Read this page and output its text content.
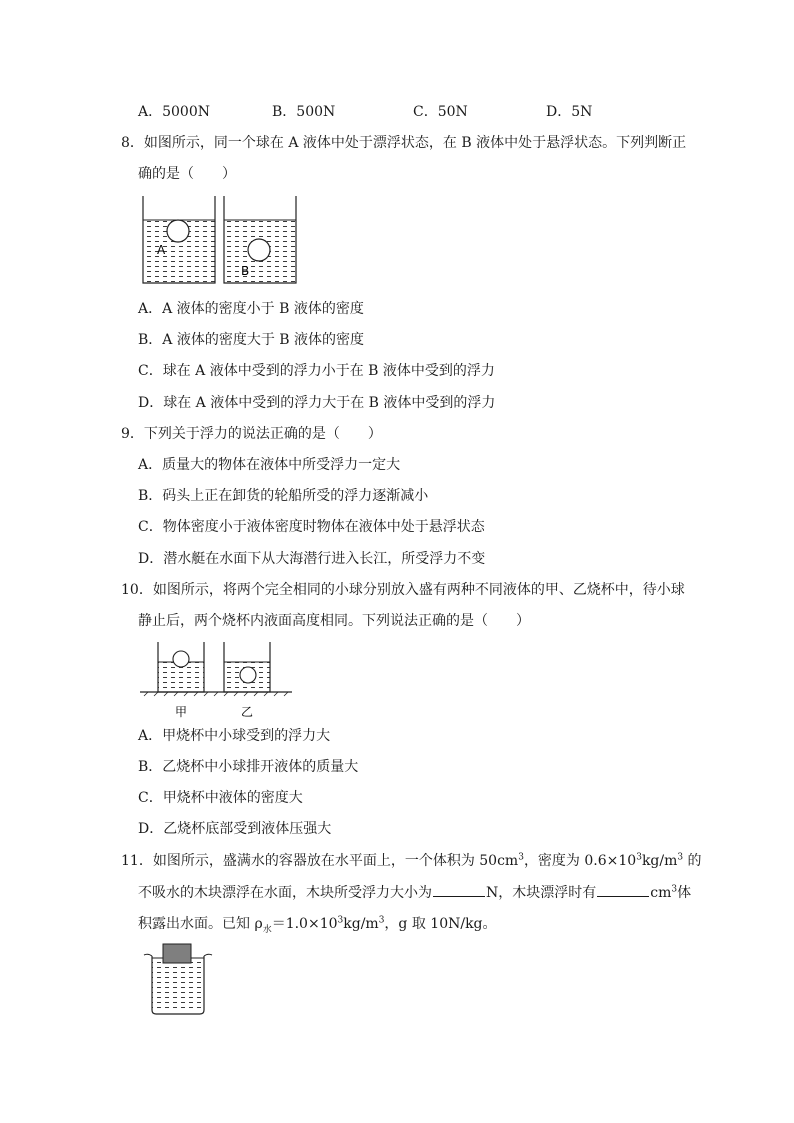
A．5000N	B．500N	C．50N	D．5N
8．如图所示，同一个球在 A 液体中处于漂浮状态，在 B 液体中处于悬浮状态。下列判断正
确的是（　　）
A
B
A．A 液体的密度小于 B 液体的密度
B．A 液体的密度大于 B 液体的密度
C．球在 A 液体中受到的浮力小于在 B 液体中受到的浮力
D．球在 A 液体中受到的浮力大于在 B 液体中受到的浮力
9．下列关于浮力的说法正确的是（　　）
A．质量大的物体在液体中所受浮力一定大
B．码头上正在卸货的轮船所受的浮力逐渐减小
C．物体密度小于液体密度时物体在液体中处于悬浮状态
D．潜水艇在水面下从大海潜行进入长江，所受浮力不变
10．如图所示，将两个完全相同的小球分别放入盛有两种不同液体的甲、乙烧杯中，待小球
静止后，两个烧杯内液面高度相同。下列说法正确的是（　　）
甲	乙
A．甲烧杯中小球受到的浮力大
B．乙烧杯中小球排开液体的质量大
C．甲烧杯中液体的密度大
D．乙烧杯底部受到液体压强大
11．如图所示，盛满水的容器放在水平面上，一个体积为 $50cm^3$，密度为 $0.6\times 10^3kg/m^3$ 的
不吸水的木块漂浮在水面，木块所受浮力大小为	N，木块漂浮时有	$cm^3$体
积露出水面。已知 $\rho_水=1.0\times 10^3kg/m^3$，g 取 10N/kg。
